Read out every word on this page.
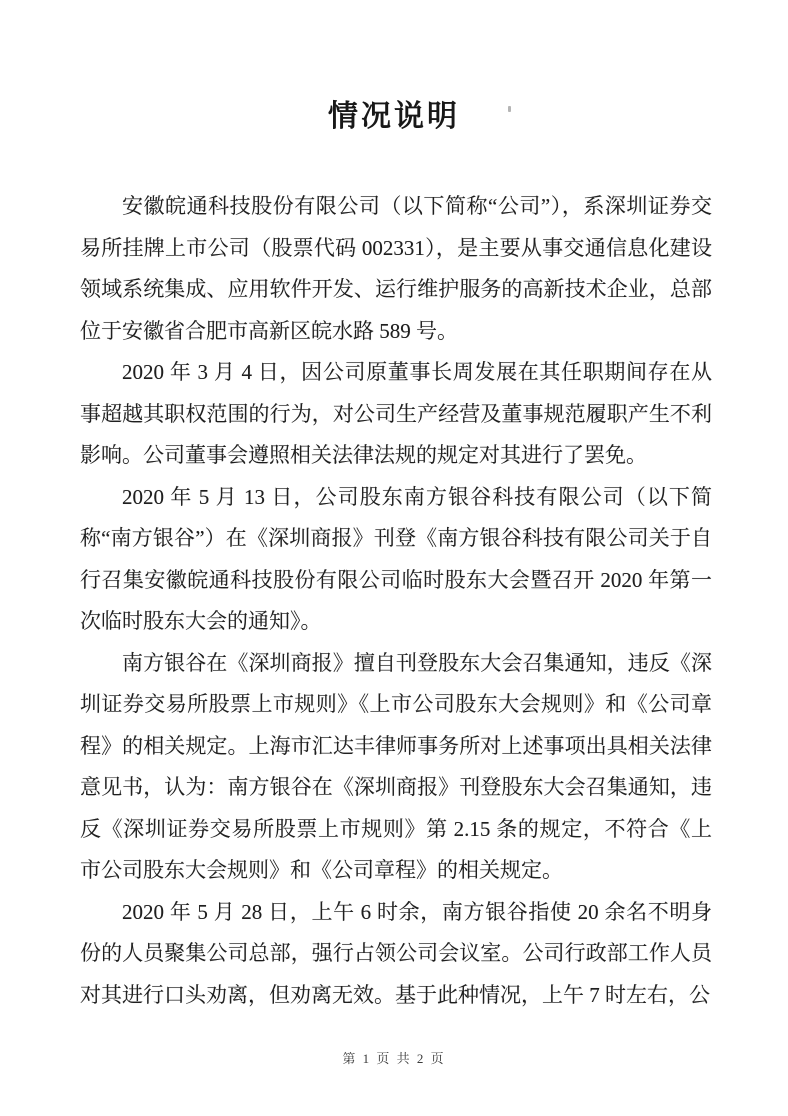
情况说明

安徽皖通科技股份有限公司（以下简称“公司”），系深圳证券交易所挂牌上市公司（股票代码 002331），是主要从事交通信息化建设领域系统集成、应用软件开发、运行维护服务的高新技术企业，总部位于安徽省合肥市高新区皖水路 589 号。

2020 年 3 月 4 日，因公司原董事长周发展在其任职期间存在从事超越其职权范围的行为，对公司生产经营及董事规范履职产生不利影响。公司董事会遵照相关法律法规的规定对其进行了罢免。

2020 年 5 月 13 日，公司股东南方银谷科技有限公司（以下简称“南方银谷”）在《深圳商报》刊登《南方银谷科技有限公司关于自行召集安徽皖通科技股份有限公司临时股东大会暨召开 2020 年第一次临时股东大会的通知》。

南方银谷在《深圳商报》擅自刊登股东大会召集通知，违反《深圳证券交易所股票上市规则》《上市公司股东大会规则》和《公司章程》的相关规定。上海市汇达丰律师事务所对上述事项出具相关法律意见书，认为：南方银谷在《深圳商报》刊登股东大会召集通知，违反《深圳证券交易所股票上市规则》第 2.15 条的规定，不符合《上市公司股东大会规则》和《公司章程》的相关规定。

2020 年 5 月 28 日，上午 6 时余，南方银谷指使 20 余名不明身份的人员聚集公司总部，强行占领公司会议室。公司行政部工作人员对其进行口头劝离，但劝离无效。基于此种情况，上午 7 时左右，公

第 1 页 共 2 页
